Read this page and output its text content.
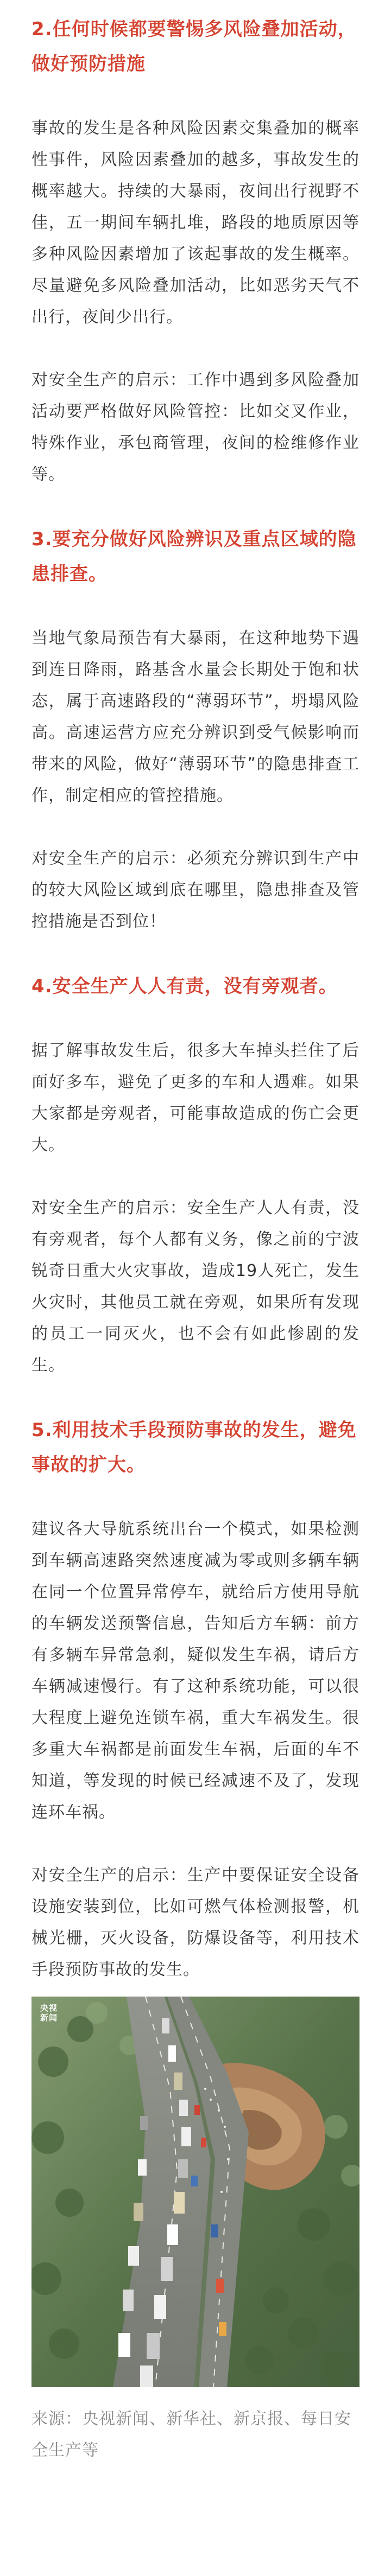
2.任何时候都要警惕多风险叠加活动，做好预防措施

事故的发生是各种风险因素交集叠加的概率性事件，风险因素叠加的越多，事故发生的概率越大。持续的大暴雨，夜间出行视野不佳，五一期间车辆扎堆，路段的地质原因等多种风险因素增加了该起事故的发生概率。尽量避免多风险叠加活动，比如恶劣天气不出行，夜间少出行。

对安全生产的启示：工作中遇到多风险叠加活动要严格做好风险管控：比如交叉作业，特殊作业，承包商管理，夜间的检维修作业等。

3.要充分做好风险辨识及重点区域的隐患排查。

当地气象局预告有大暴雨，在这种地势下遇到连日降雨，路基含水量会长期处于饱和状态，属于高速路段的“薄弱环节”，坍塌风险高。高速运营方应充分辨识到受气候影响而带来的风险，做好“薄弱环节”的隐患排查工作，制定相应的管控措施。

对安全生产的启示：必须充分辨识到生产中的较大风险区域到底在哪里，隐患排查及管控措施是否到位！

4.安全生产人人有责，没有旁观者。

据了解事故发生后，很多大车掉头拦住了后面好多车，避免了更多的车和人遇难。如果大家都是旁观者，可能事故造成的伤亡会更大。

对安全生产的启示：安全生产人人有责，没有旁观者，每个人都有义务，像之前的宁波锐奇日重大火灾事故，造成19人死亡，发生火灾时，其他员工就在旁观，如果所有发现的员工一同灭火，也不会有如此惨剧的发生。

5.利用技术手段预防事故的发生，避免事故的扩大。

建议各大导航系统出台一个模式，如果检测到车辆高速路突然速度减为零或则多辆车辆在同一个位置异常停车，就给后方使用导航的车辆发送预警信息，告知后方车辆：前方有多辆车异常急刹，疑似发生车祸，请后方车辆减速慢行。有了这种系统功能，可以很大程度上避免连锁车祸，重大车祸发生。很多重大车祸都是前面发生车祸，后面的车不知道，等发现的时候已经减速不及了，发现连环车祸。

对安全生产的启示：生产中要保证安全设备设施安装到位，比如可燃气体检测报警，机械光栅，灭火设备，防爆设备等，利用技术手段预防事故的发生。

央视
新闻

来源：央视新闻、新华社、新京报、每日安全生产等
